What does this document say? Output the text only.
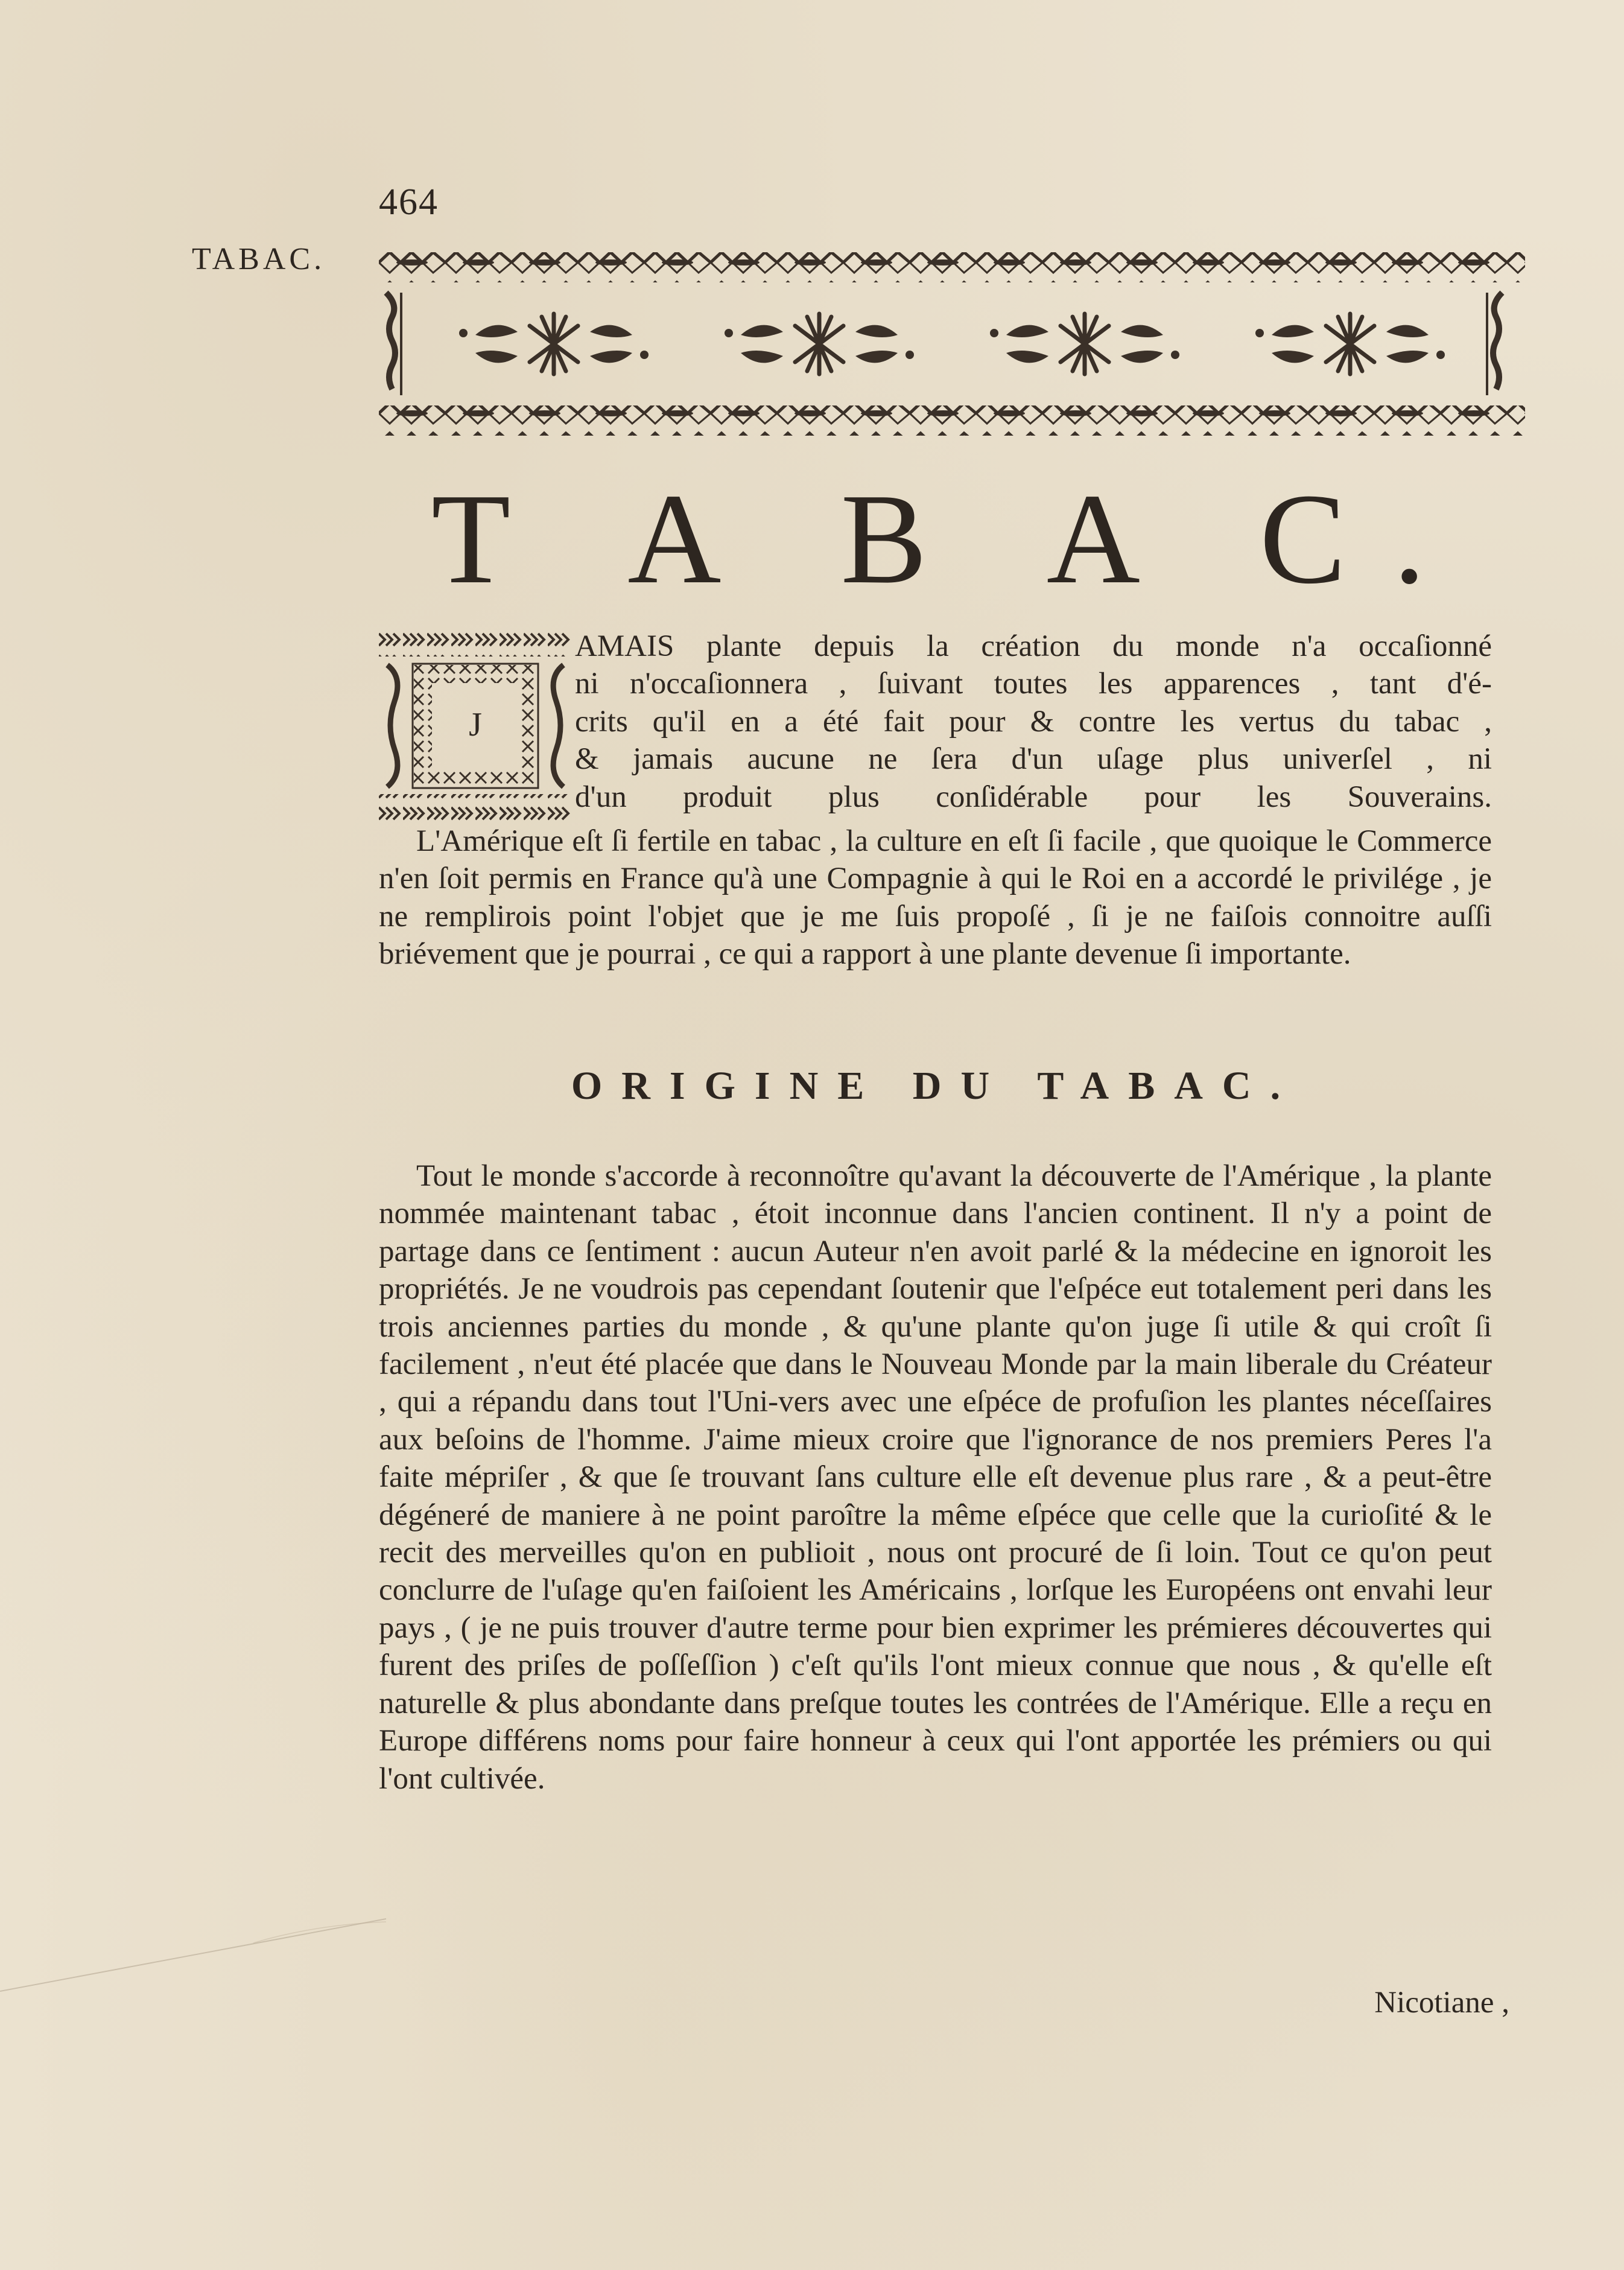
464
TABAC.
T A B A C.
J

AMAIS plante depuis la création du monde n'a occaſionné
ni n'occaſionnera , ſuivant toutes les apparences , tant d'é-
crits qu'il en a été fait pour & contre les vertus du tabac ,
& jamais aucune ne ſera d'un uſage plus univerſel , ni
d'un produit plus conſidérable pour les Souverains.

L'Amérique eſt ſi fertile en tabac , la culture en eſt ſi facile , que quoique le Commerce n'en ſoit permis en France qu'à une Compagnie à qui le Roi en a accordé le privilége , je ne remplirois point l'objet que je me ſuis propoſé , ſi je ne faiſois connoitre auſſi briévement que je pourrai , ce qui a rapport à une plante devenue ſi importante.

ORIGINE DU TABAC.

Tout le monde s'accorde à reconnoître qu'avant la découverte de l'Amérique , la plante nommée maintenant tabac , étoit inconnue dans l'ancien continent. Il n'y a point de partage dans ce ſentiment : aucun Auteur n'en avoit parlé & la médecine en ignoroit les propriétés. Je ne voudrois pas cependant ſoutenir que l'eſpéce eut totalement peri dans les trois anciennes parties du monde , & qu'une plante qu'on juge ſi utile & qui croît ſi facilement , n'eut été placée que dans le Nouveau Monde par la main liberale du Créateur , qui a répandu dans tout l'Uni-vers avec une eſpéce de profuſion les plantes néceſſaires aux beſoins de l'homme. J'aime mieux croire que l'ignorance de nos premiers Peres l'a faite mépriſer , & que ſe trouvant ſans culture elle eſt devenue plus rare , & a peut-être dégéneré de maniere à ne point paroître la même eſpéce que celle que la curioſité & le recit des merveilles qu'on en publioit , nous ont procuré de ſi loin. Tout ce qu'on peut conclurre de l'uſage qu'en faiſoient les Américains , lorſque les Européens ont envahi leur pays , ( je ne puis trouver d'autre terme pour bien exprimer les prémieres découvertes qui furent des priſes de poſſeſſion ) c'eſt qu'ils l'ont mieux connue que nous , & qu'elle eſt naturelle & plus abondante dans preſque toutes les contrées de l'Amérique. Elle a reçu en Europe différens noms pour faire honneur à ceux qui l'ont apportée les prémiers ou qui l'ont cultivée.

Nicotiane ,
